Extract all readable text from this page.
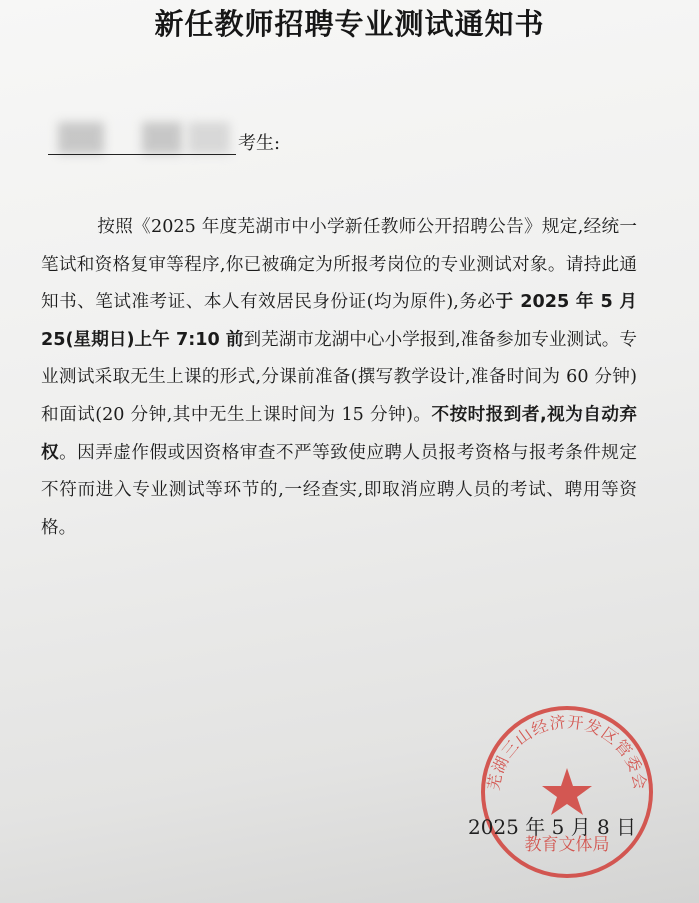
新任教师招聘专业测试通知书
考生:
按照《2025 年度芜湖市中小学新任教师公开招聘公告》规定,经统一笔试和资格复审等程序,你已被确定为所报考岗位的专业测试对象。请持此通知书、笔试准考证、本人有效居民身份证(均为原件),务必于 2025 年 5 月 25(星期日)上午 7:10 前到芜湖市龙湖中心小学报到,准备参加专业测试。专业测试采取无生上课的形式,分课前准备(撰写教学设计,准备时间为 60 分钟)和面试(20 分钟,其中无生上课时间为 15 分钟)。不按时报到者,视为自动弃权。因弄虚作假或因资格审查不严等致使应聘人员报考资格与报考条件规定不符而进入专业测试等环节的,一经查实,即取消应聘人员的考试、聘用等资格。
芜湖三山经济开发区管委会
教育文体局
2025 年 5 月 8 日
